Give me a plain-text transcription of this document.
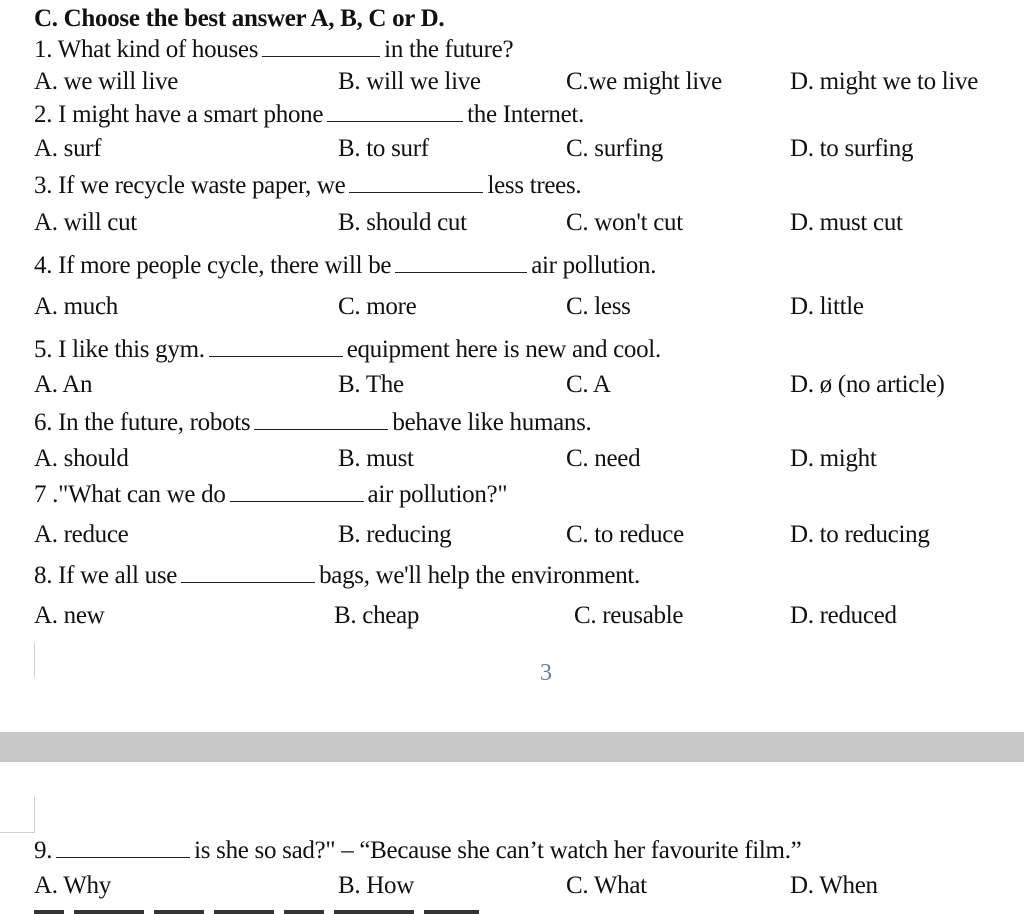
C. Choose the best answer A, B, C or D.
1. What kind of houses	in the future?
A. we will live	B. will we live	C.we might live	D. might we to live
2. I might have a smart phone	the Internet.
A. surf	B. to surf	C. surfing	D. to surfing
3. If we recycle waste paper, we	less trees.
A. will cut	B. should cut	C. won't cut	D. must cut
4. If more people cycle, there will be	air pollution.
A. much	C. more	C. less	D. little
5. I like this gym.	equipment here is new and cool.
A. An	B. The	C. A	D. ø (no article)
6. In the future, robots	behave like humans.
A. should	B. must	C. need	D. might
7 ."What can we do	air pollution?"
A. reduce	B. reducing	C. to reduce	D. to reducing
8. If we all use	bags, we'll help the environment.
A. new	B. cheap	C. reusable	D. reduced
3
9.	is she so sad?" – “Because she can’t watch her favourite film.”
A. Why	B. How	C. What	D. When
